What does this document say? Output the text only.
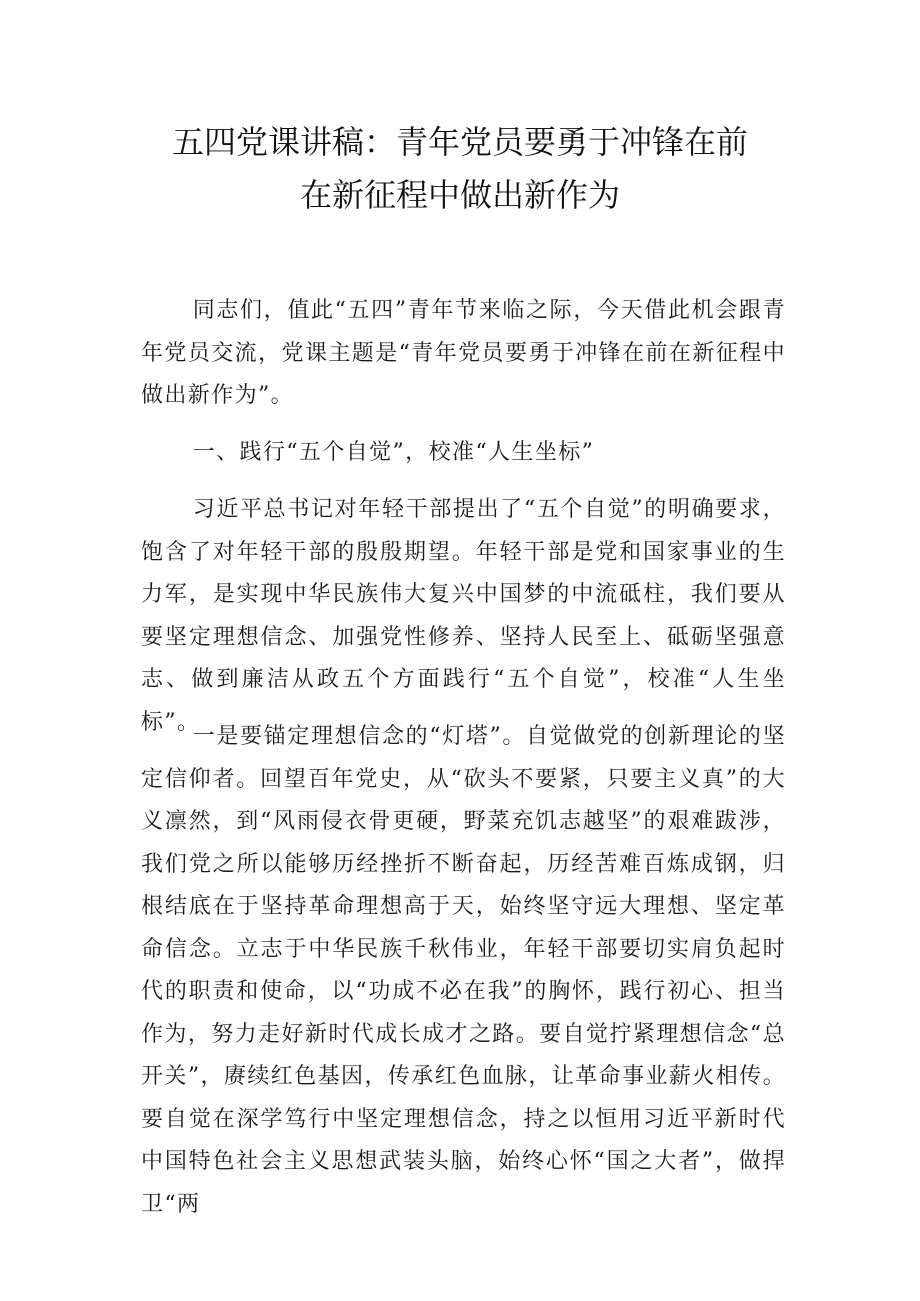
五四党课讲稿：青年党员要勇于冲锋在前
在新征程中做出新作为

同志们，值此“五四”青年节来临之际，今天借此机会跟青年党员交流，党课主题是“青年党员要勇于冲锋在前在新征程中做出新作为”。

一、践行“五个自觉”，校准“人生坐标”

习近平总书记对年轻干部提出了“五个自觉”的明确要求，饱含了对年轻干部的殷殷期望。年轻干部是党和国家事业的生力军，是实现中华民族伟大复兴中国梦的中流砥柱，我们要从要坚定理想信念、加强党性修养、坚持人民至上、砥砺坚强意志、做到廉洁从政五个方面践行“五个自觉”，校准“人生坐标”。

一是要锚定理想信念的“灯塔”。自觉做党的创新理论的坚定信仰者。回望百年党史，从“砍头不要紧，只要主义真”的大义凛然，到“风雨侵衣骨更硬，野菜充饥志越坚”的艰难跋涉，我们党之所以能够历经挫折不断奋起，历经苦难百炼成钢，归根结底在于坚持革命理想高于天，始终坚守远大理想、坚定革命信念。立志于中华民族千秋伟业，年轻干部要切实肩负起时代的职责和使命，以“功成不必在我”的胸怀，践行初心、担当作为，努力走好新时代成长成才之路。要自觉拧紧理想信念“总开关”，赓续红色基因，传承红色血脉，让革命事业薪火相传。要自觉在深学笃行中坚定理想信念，持之以恒用习近平新时代中国特色社会主义思想武装头脑，始终心怀“国之大者”，做捍卫“两
